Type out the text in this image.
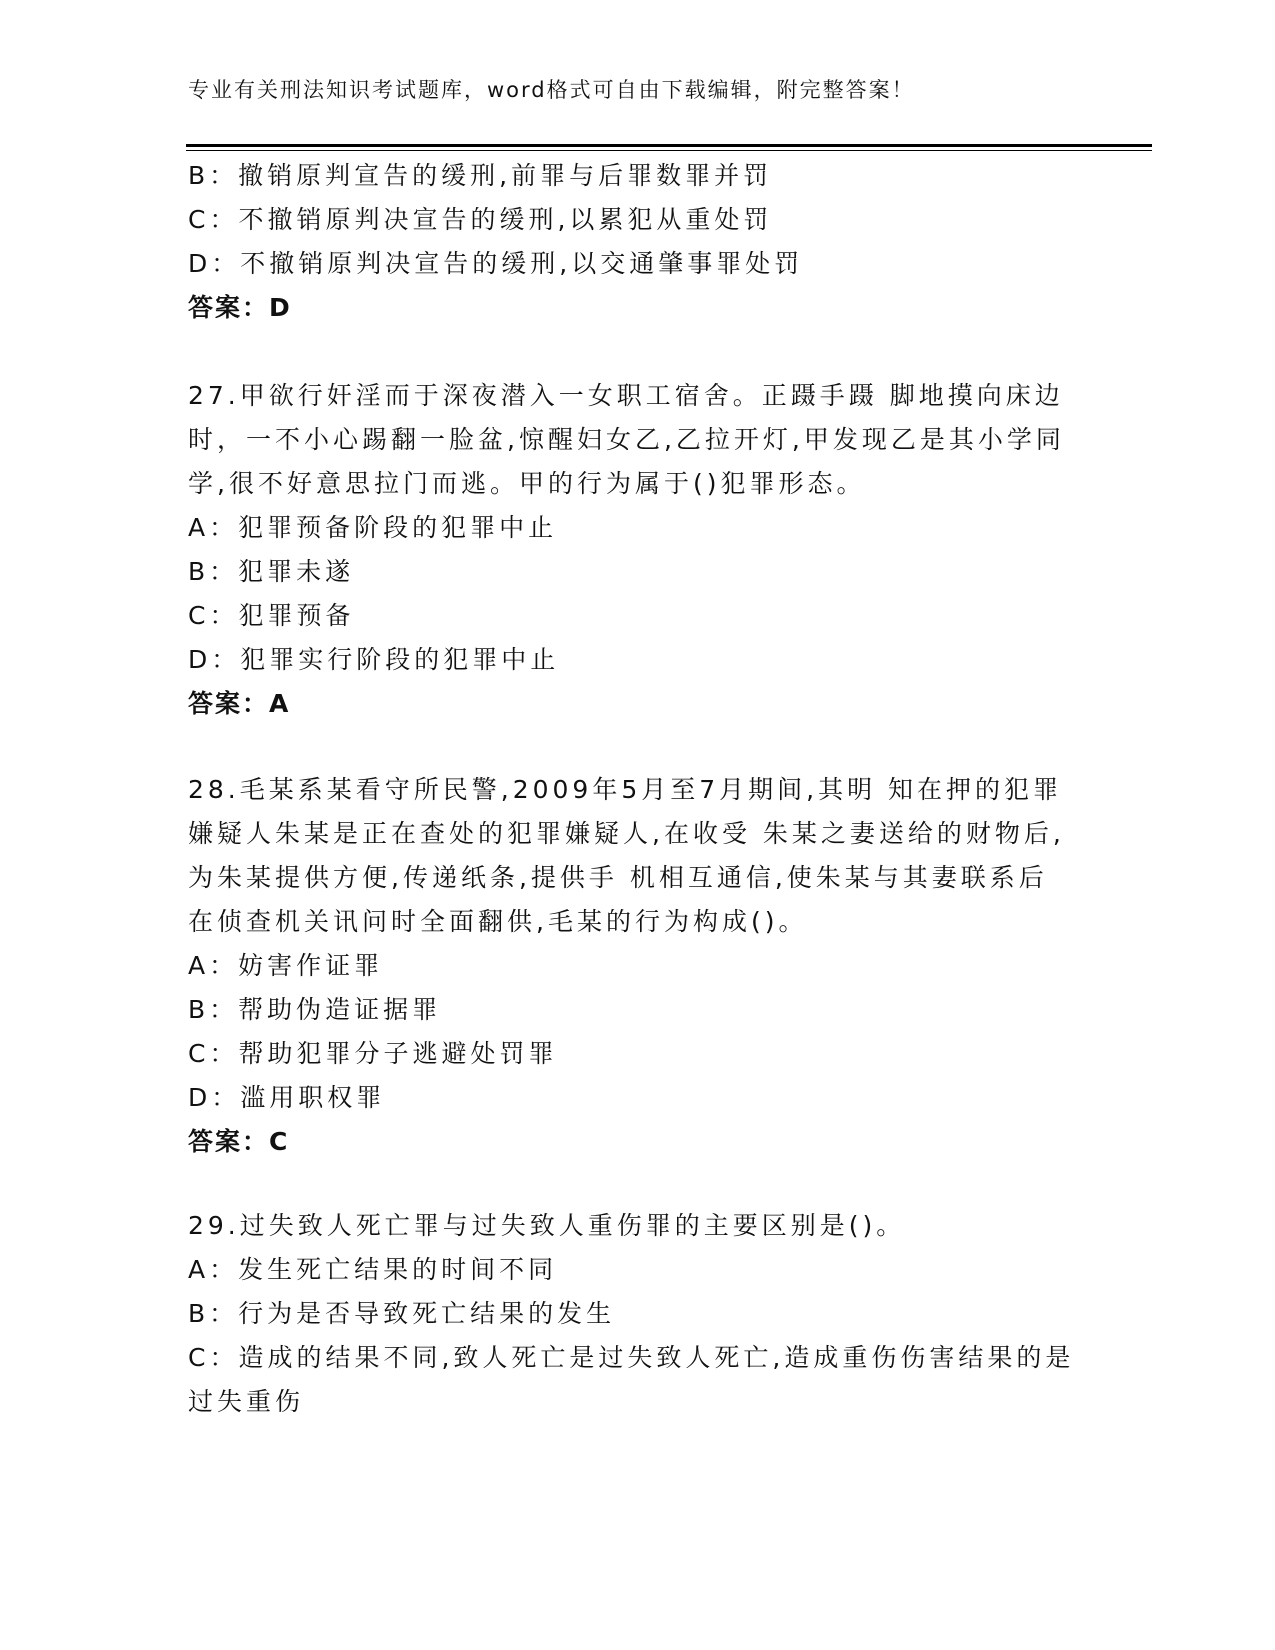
专业有关刑法知识考试题库，word格式可自由下载编辑，附完整答案！
B：撤销原判宣告的缓刑,前罪与后罪数罪并罚
C：不撤销原判决宣告的缓刑,以累犯从重处罚
D：不撤销原判决宣告的缓刑,以交通肇事罪处罚
答案：D
27.甲欲行奸淫而于深夜潜入一女职工宿舍。正蹑手蹑 脚地摸向床边
时，一不小心踢翻一脸盆,惊醒妇女乙,乙拉开灯,甲发现乙是其小学同
学,很不好意思拉门而逃。甲的行为属于()犯罪形态。
A：犯罪预备阶段的犯罪中止
B：犯罪未遂
C：犯罪预备
D：犯罪实行阶段的犯罪中止
答案：A
28.毛某系某看守所民警,2009年5月至7月期间,其明 知在押的犯罪
嫌疑人朱某是正在查处的犯罪嫌疑人,在收受 朱某之妻送给的财物后,
为朱某提供方便,传递纸条,提供手 机相互通信,使朱某与其妻联系后
在侦查机关讯问时全面翻供,毛某的行为构成()。
A：妨害作证罪
B：帮助伪造证据罪
C：帮助犯罪分子逃避处罚罪
D：滥用职权罪
答案：C
29.过失致人死亡罪与过失致人重伤罪的主要区别是()。
A：发生死亡结果的时间不同
B：行为是否导致死亡结果的发生
C：造成的结果不同,致人死亡是过失致人死亡,造成重伤伤害结果的是
过失重伤
